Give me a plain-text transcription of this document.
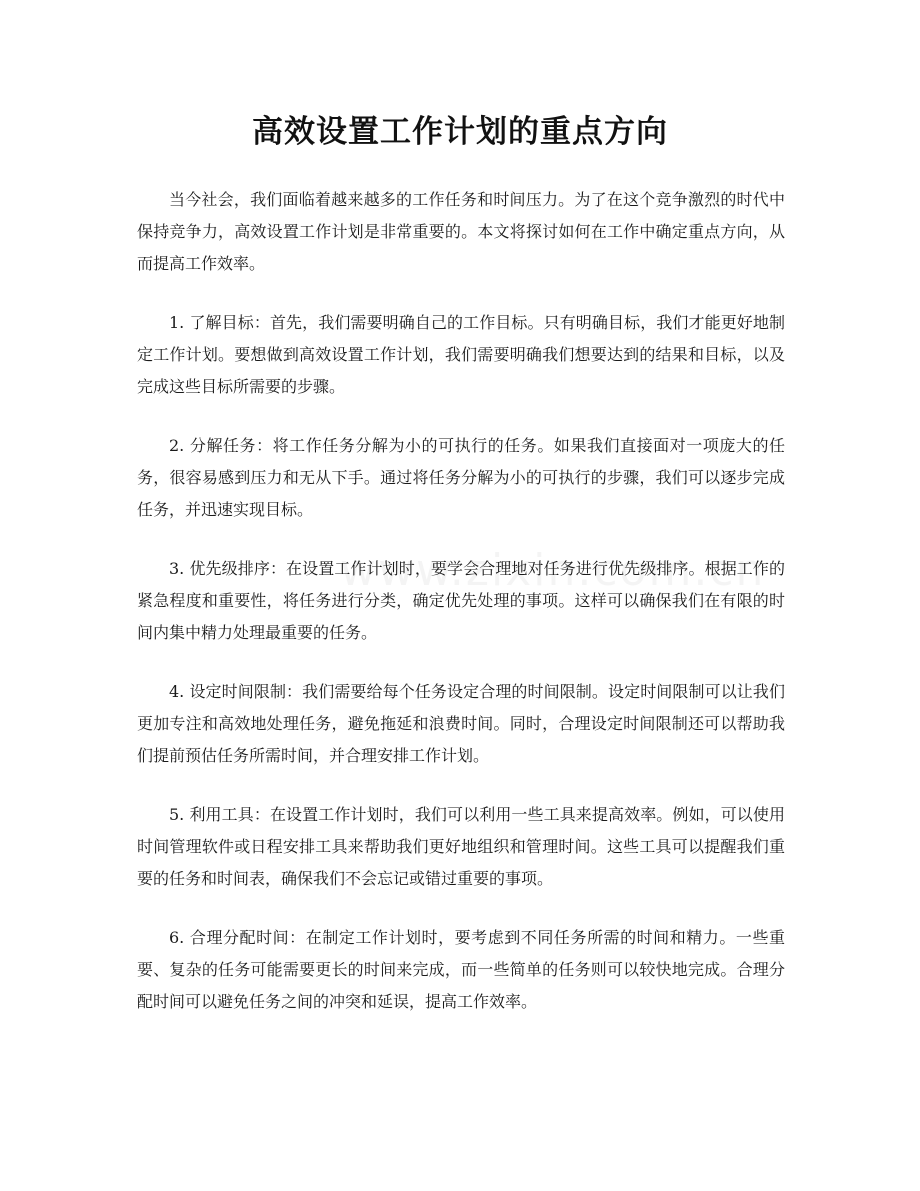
高效设置工作计划的重点方向

当今社会，我们面临着越来越多的工作任务和时间压力。为了在这个竞争激烈的时代中保持竞争力，高效设置工作计划是非常重要的。本文将探讨如何在工作中确定重点方向，从而提高工作效率。

1. 了解目标：首先，我们需要明确自己的工作目标。只有明确目标，我们才能更好地制定工作计划。要想做到高效设置工作计划，我们需要明确我们想要达到的结果和目标，以及完成这些目标所需要的步骤。

2. 分解任务：将工作任务分解为小的可执行的任务。如果我们直接面对一项庞大的任务，很容易感到压力和无从下手。通过将任务分解为小的可执行的步骤，我们可以逐步完成任务，并迅速实现目标。

3. 优先级排序：在设置工作计划时，要学会合理地对任务进行优先级排序。根据工作的紧急程度和重要性，将任务进行分类，确定优先处理的事项。这样可以确保我们在有限的时间内集中精力处理最重要的任务。

4. 设定时间限制：我们需要给每个任务设定合理的时间限制。设定时间限制可以让我们更加专注和高效地处理任务，避免拖延和浪费时间。同时，合理设定时间限制还可以帮助我们提前预估任务所需时间，并合理安排工作计划。

5. 利用工具：在设置工作计划时，我们可以利用一些工具来提高效率。例如，可以使用时间管理软件或日程安排工具来帮助我们更好地组织和管理时间。这些工具可以提醒我们重要的任务和时间表，确保我们不会忘记或错过重要的事项。

6. 合理分配时间：在制定工作计划时，要考虑到不同任务所需的时间和精力。一些重要、复杂的任务可能需要更长的时间来完成，而一些简单的任务则可以较快地完成。合理分配时间可以避免任务之间的冲突和延误，提高工作效率。
